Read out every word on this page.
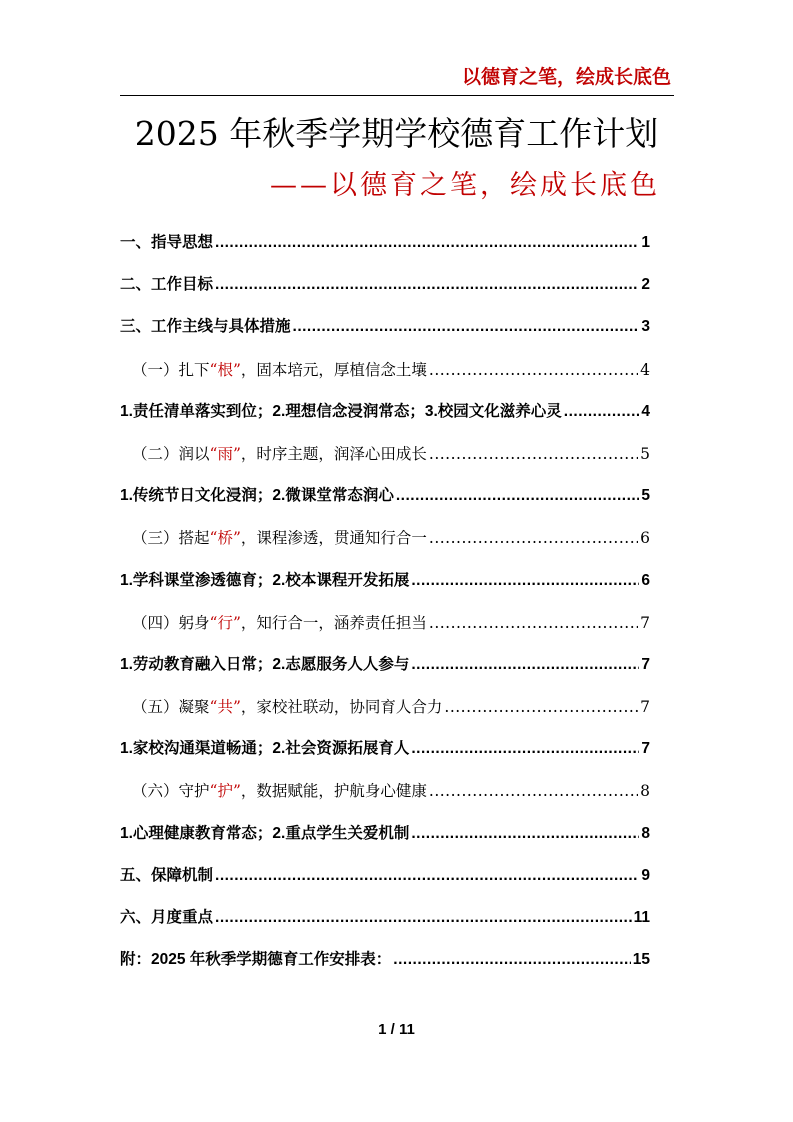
以德育之笔，绘成长底色
2025 年秋季学期学校德育工作计划
——以德育之笔，绘成长底色
一、指导思想 .....	1
二、工作目标 .....	2
三、工作主线与具体措施 .....	3
（一）扎下“根”，固本培元，厚植信念土壤 .....	4
1.责任清单落实到位；2.理想信念浸润常态；3.校园文化滋养心灵 .....	4
（二）润以“雨”，时序主题，润泽心田成长 .....	5
1.传统节日文化浸润；2.微课堂常态润心 .....	5
（三）搭起“桥”，课程渗透，贯通知行合一 .....	6
1.学科课堂渗透德育；2.校本课程开发拓展 .....	6
（四）躬身“行”，知行合一，涵养责任担当 .....	7
1.劳动教育融入日常；2.志愿服务人人参与 .....	7
（五）凝聚“共”，家校社联动，协同育人合力 .....	7
1.家校沟通渠道畅通；2.社会资源拓展育人 .....	7
（六）守护“护”，数据赋能，护航身心健康 .....	8
1.心理健康教育常态；2.重点学生关爱机制 .....	8
五、保障机制 .....	9
六、月度重点 .....	11
附：2025 年秋季学期德育工作安排表： .....	15
1 / 11
